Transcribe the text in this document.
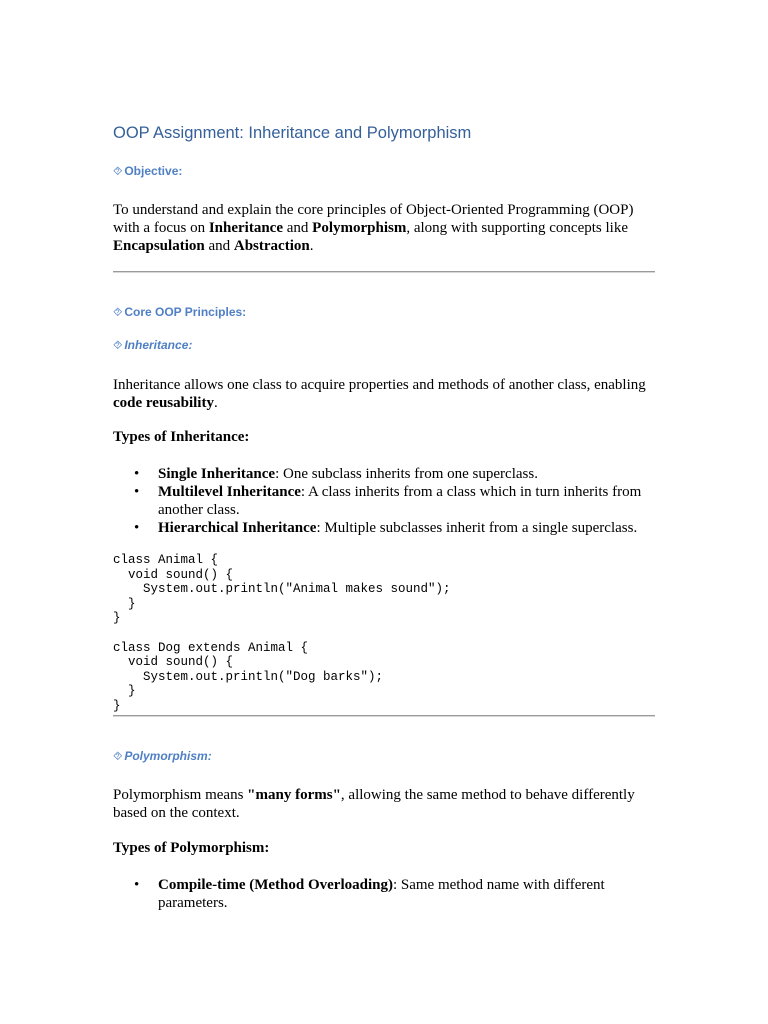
OOP Assignment: Inheritance and Polymorphism
⯑ Objective:
To understand and explain the core principles of Object-Oriented Programming (OOP) with a focus on Inheritance and Polymorphism, along with supporting concepts like Encapsulation and Abstraction.
⯑ Core OOP Principles:
⯑ Inheritance:
Inheritance allows one class to acquire properties and methods of another class, enabling code reusability.
Types of Inheritance:
• Single Inheritance: One subclass inherits from one superclass.
• Multilevel Inheritance: A class inherits from a class which in turn inherits from another class.
• Hierarchical Inheritance: Multiple subclasses inherit from a single superclass.
class Animal {
void sound() {
System.out.println("Animal makes sound");
}
}

class Dog extends Animal {
void sound() {
System.out.println("Dog barks");
}
}
⯑ Polymorphism:
Polymorphism means "many forms", allowing the same method to behave differently based on the context.
Types of Polymorphism:
• Compile-time (Method Overloading): Same method name with different parameters.
